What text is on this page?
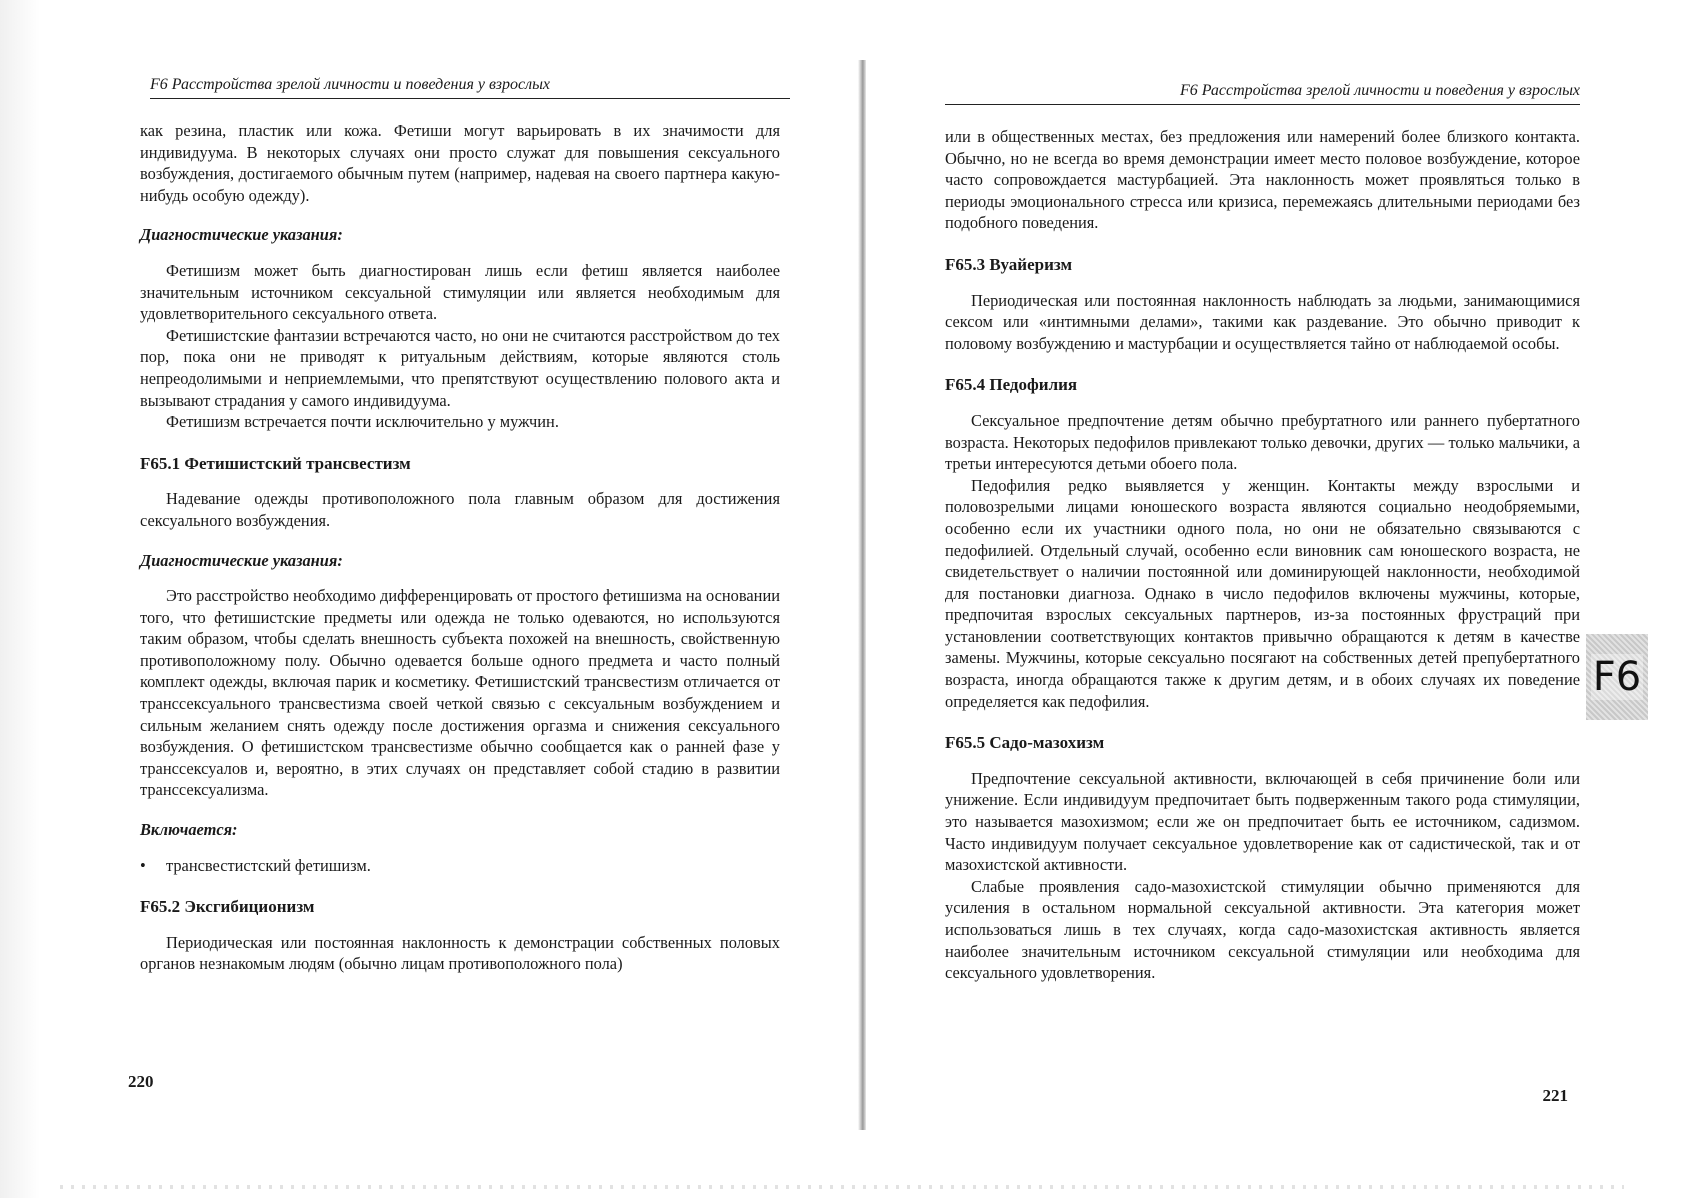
F6 Расстройства зрелой личности и поведения у взрослых

как резина, пластик или кожа. Фетиши могут варьировать в их значимости для индивидуума. В некоторых случаях они просто служат для повышения сексуального возбуждения, достигаемого обычным путем (например, надевая на своего партнера какую-нибудь особую одежду).

Диагностические указания:

Фетишизм может быть диагностирован лишь если фетиш является наиболее значительным источником сексуальной стимуляции или является необходимым для удовлетворительного сексуального ответа.

Фетишистские фантазии встречаются часто, но они не считаются расстройством до тех пор, пока они не приводят к ритуальным действиям, которые являются столь непреодолимыми и неприемлемыми, что препятствуют осуществлению полового акта и вызывают страдания у самого индивидуума.

Фетишизм встречается почти исключительно у мужчин.

F65.1 Фетишистский трансвестизм

Надевание одежды противоположного пола главным образом для достижения сексуального возбуждения.

Диагностические указания:

Это расстройство необходимо дифференцировать от простого фетишизма на основании того, что фетишистские предметы или одежда не только одеваются, но используются таким образом, чтобы сделать внешность субъекта похожей на внешность, свойственную противоположному полу. Обычно одевается больше одного предмета и часто полный комплект одежды, включая парик и косметику. Фетишистский трансвестизм отличается от транссексуального трансвестизма своей четкой связью с сексуальным возбуждением и сильным желанием снять одежду после достижения оргазма и снижения сексуального возбуждения. О фетишистском трансвестизме обычно сообщается как о ранней фазе у транссексуалов и, вероятно, в этих случаях он представляет собой стадию в развитии транссексуализма.

Включается:
• трансвестистский фетишизм.
F65.2 Эксгибиционизм

Периодическая или постоянная наклонность к демонстрации собственных половых органов незнакомым людям (обычно лицам противоположного пола)

220
F6 Расстройства зрелой личности и поведения у взрослых

или в общественных местах, без предложения или намерений более близкого контакта. Обычно, но не всегда во время демонстрации имеет место половое возбуждение, которое часто сопровождается мастурбацией. Эта наклонность может проявляться только в периоды эмоционального стресса или кризиса, перемежаясь длительными периодами без подобного поведения.

F65.3 Вуайеризм

Периодическая или постоянная наклонность наблюдать за людьми, занимающимися сексом или «интимными делами», такими как раздевание. Это обычно приводит к половому возбуждению и мастурбации и осуществляется тайно от наблюдаемой особы.

F65.4 Педофилия

Сексуальное предпочтение детям обычно пребуртатного или раннего пубертатного возраста. Некоторых педофилов привлекают только девочки, других — только мальчики, а третьи интересуются детьми обоего пола.

Педофилия редко выявляется у женщин. Контакты между взрослыми и половозрелыми лицами юношеского возраста являются социально неодобряемыми, особенно если их участники одного пола, но они не обязательно связываются с педофилией. Отдельный случай, особенно если виновник сам юношеского возраста, не свидетельствует о наличии постоянной или доминирующей наклонности, необходимой для постановки диагноза. Однако в число педофилов включены мужчины, которые, предпочитая взрослых сексуальных партнеров, из-за постоянных фрустраций при установлении соответствующих контактов привычно обращаются к детям в качестве замены. Мужчины, которые сексуально посягают на собственных детей препубертатного возраста, иногда обращаются также к другим детям, и в обоих случаях их поведение определяется как педофилия.

F65.5 Садо-мазохизм

Предпочтение сексуальной активности, включающей в себя причинение боли или унижение. Если индивидуум предпочитает быть подверженным такого рода стимуляции, это называется мазохизмом; если же он предпочитает быть ее источником, садизмом. Часто индивидуум получает сексуальное удовлетворение как от садистической, так и от мазохистской активности.

Слабые проявления садо-мазохистской стимуляции обычно применяются для усиления в остальном нормальной сексуальной активности. Эта категория может использоваться лишь в тех случаях, когда садо-мазохистская активность является наиболее значительным источником сексуальной стимуляции или необходима для сексуального удовлетворения.

221
F6
